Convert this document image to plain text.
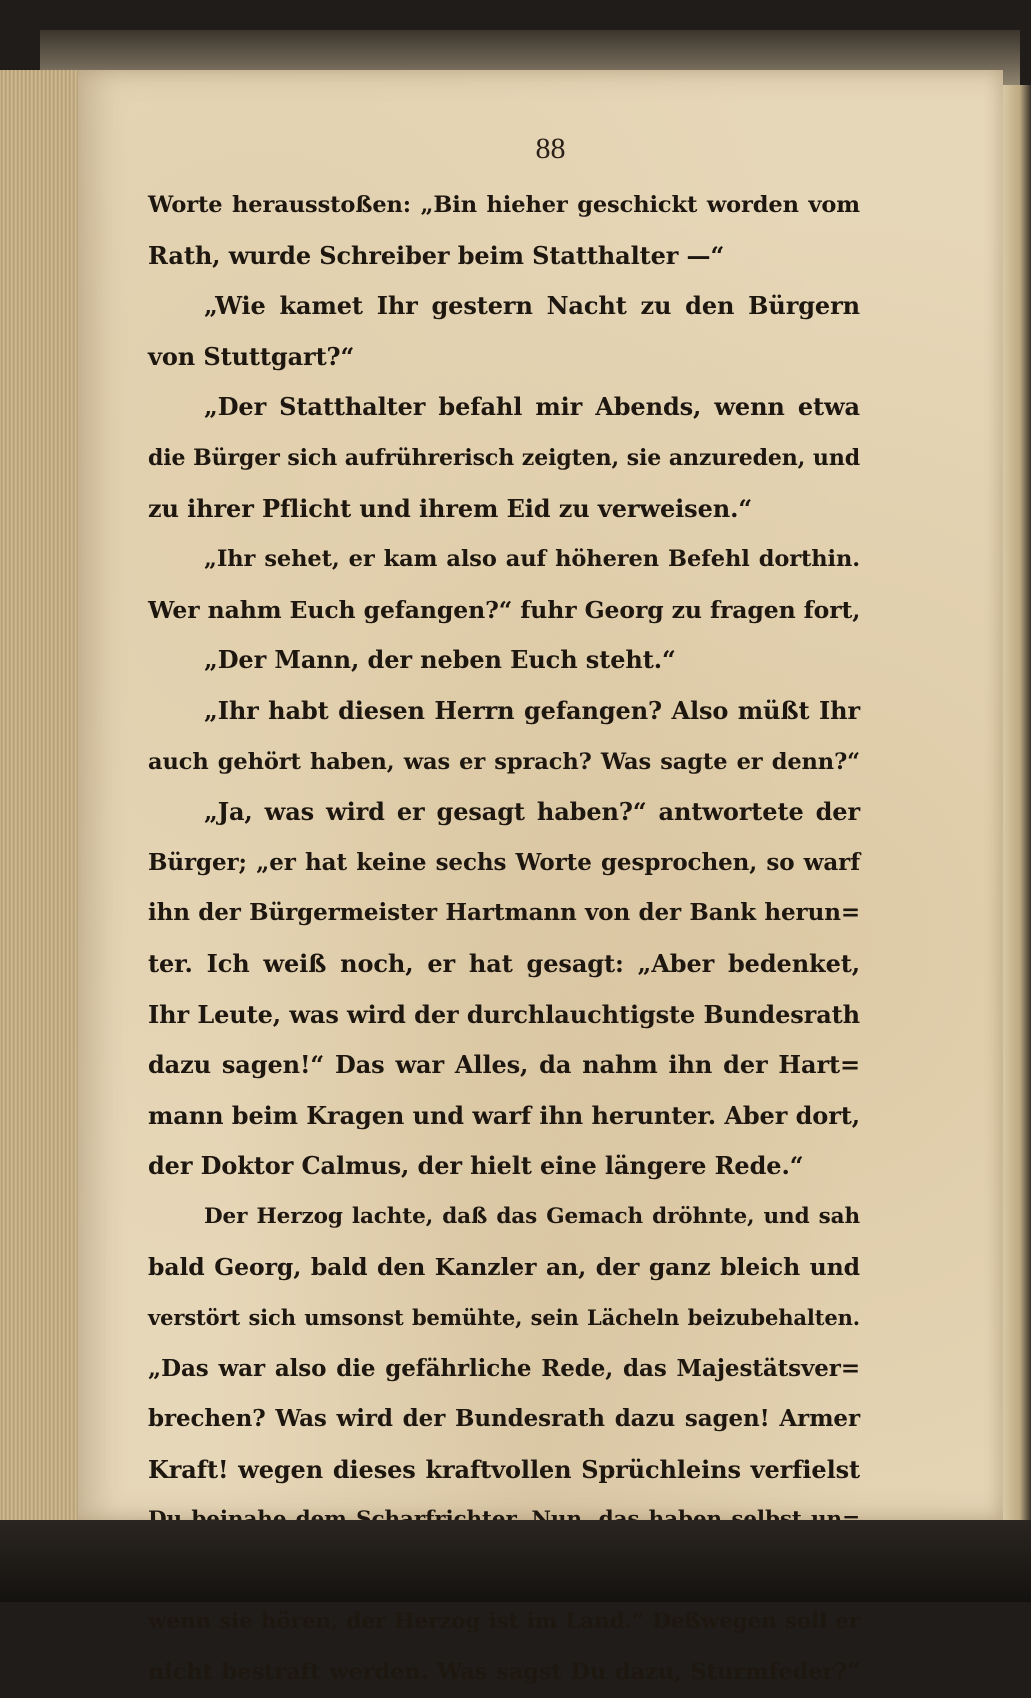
88
Worte herausstoßen: „Bin hieher geschickt worden vom
Rath, wurde Schreiber beim Statthalter —“
„Wie kamet Ihr gestern Nacht zu den Bürgern
von Stuttgart?“
„Der Statthalter befahl mir Abends, wenn etwa
die Bürger sich aufrührerisch zeigten, sie anzureden, und
zu ihrer Pflicht und ihrem Eid zu verweisen.“
„Ihr sehet, er kam also auf höheren Befehl dorthin.
Wer nahm Euch gefangen?“ fuhr Georg zu fragen fort,
„Der Mann, der neben Euch steht.“
„Ihr habt diesen Herrn gefangen? Also müßt Ihr
auch gehört haben, was er sprach? Was sagte er denn?“
„Ja, was wird er gesagt haben?“ antwortete der
Bürger; „er hat keine sechs Worte gesprochen, so warf
ihn der Bürgermeister Hartmann von der Bank herun=
ter. Ich weiß noch, er hat gesagt: „Aber bedenket,
Ihr Leute, was wird der durchlauchtigste Bundesrath
dazu sagen!“ Das war Alles, da nahm ihn der Hart=
mann beim Kragen und warf ihn herunter. Aber dort,
der Doktor Calmus, der hielt eine längere Rede.“
Der Herzog lachte, daß das Gemach dröhnte, und sah
bald Georg, bald den Kanzler an, der ganz bleich und
verstört sich umsonst bemühte, sein Lächeln beizubehalten.
„Das war also die gefährliche Rede, das Majestätsver=
brechen? Was wird der Bundesrath dazu sagen! Armer
Kraft! wegen dieses kraftvollen Sprüchleins verfielst
wenn sie hören, der Herzog ist im Land.“ Deßwegen soll er
nicht bestraft werden. Was sagst Du dazu, Sturmfeder?“
